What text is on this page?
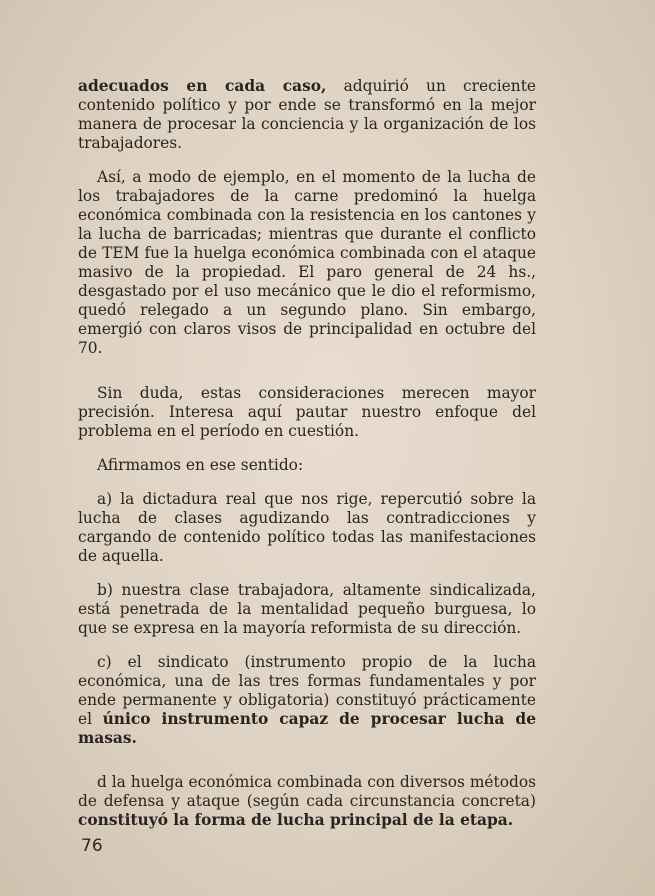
adecuados en cada caso, adquirió un creciente contenido político y por ende se transformó en la mejor manera de procesar la conciencia y la organización de los trabajadores.

Así, a modo de ejemplo, en el momento de la lucha de los trabajadores de la carne predominó la huelga económica combinada con la resistencia en los cantones y la lucha de barricadas; mientras que durante el conflicto de TEM fue la huelga económica combinada con el ataque masivo de la propiedad. El paro general de 24 hs., desgastado por el uso mecánico que le dio el reformismo, quedó relegado a un segundo plano. Sin embargo, emergió con claros visos de principalidad en octubre del 70.

Sin duda, estas consideraciones merecen mayor precisión. Interesa aquí pautar nuestro enfoque del problema en el período en cuestión.

Afirmamos en ese sentido:

a) la dictadura real que nos rige, repercutió sobre la lucha de clases agudizando las contradicciones y cargando de contenido político todas las manifestaciones de aquella.

b) nuestra clase trabajadora, altamente sindicalizada, está penetrada de la mentalidad pequeño burguesa, lo que se expresa en la mayoría reformista de su dirección.

c) el sindicato (instrumento propio de la lucha económica, una de las tres formas fundamentales y por ende permanente y obligatoria) constituyó prácticamente el único instrumento capaz de procesar lucha de masas.

d la huelga económica combinada con diversos métodos de defensa y ataque (según cada circunstancia concreta) constituyó la forma de lucha principal de la etapa.

76
